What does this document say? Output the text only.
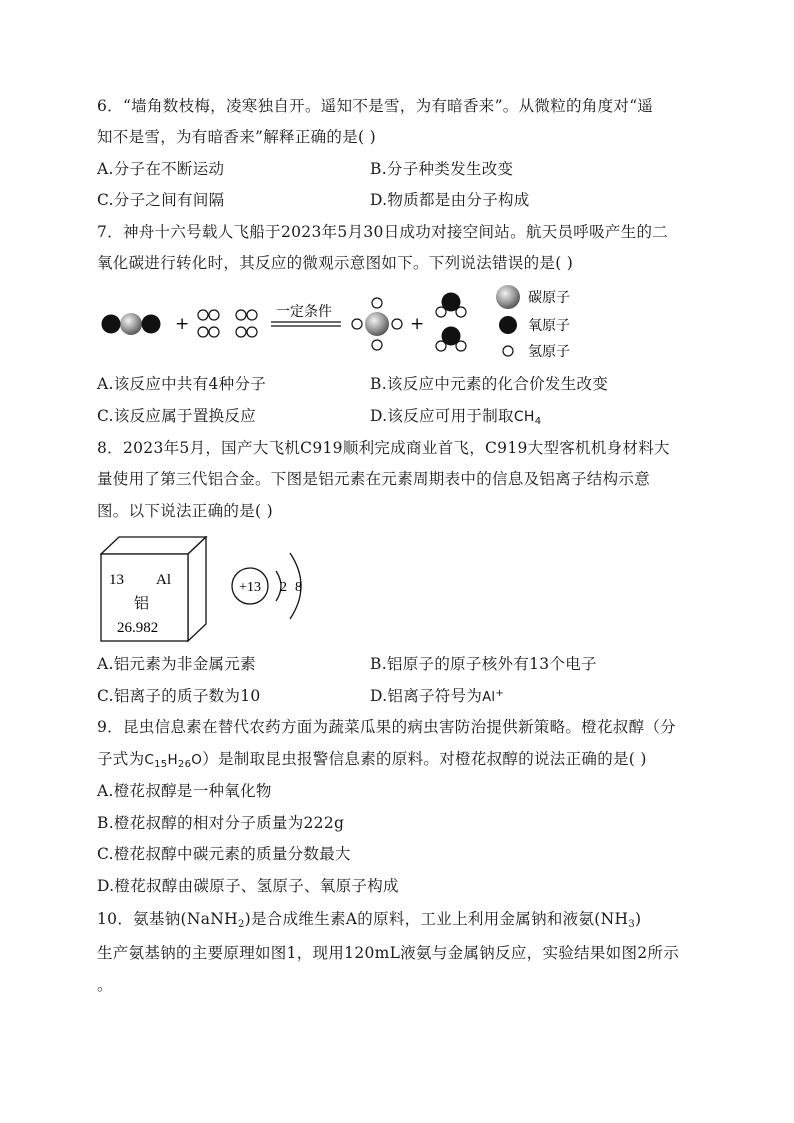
6．“墙角数枝梅，凌寒独自开。遥知不是雪，为有暗香来”。从微粒的角度对“遥
知不是雪，为有暗香来”解释正确的是( )
A.分子在不断运动	B.分子种类发生改变
C.分子之间有间隔	D.物质都是由分子构成
7．神舟十六号载人飞船于2023年5月30日成功对接空间站。航天员呼吸产生的二
氧化碳进行转化时，其反应的微观示意图如下。下列说法错误的是( )
+
一定条件
+
碳原子
氧原子
氢原子
A.该反应中共有4种分子	B.该反应中元素的化合价发生改变
C.该反应属于置换反应	D.该反应可用于制取$CH_4$
8．2023年5月，国产大飞机C919顺利完成商业首飞，C919大型客机机身材料大
量使用了第三代铝合金。下图是铝元素在元素周期表中的信息及铝离子结构示意
图。以下说法正确的是( )
13 Al
铝
26.982
+13 2 8
A.铝元素为非金属元素	B.铝原子的原子核外有13个电子
C.铝离子的质子数为10	D.铝离子符号为Al+
9．昆虫信息素在替代农药方面为蔬菜瓜果的病虫害防治提供新策略。橙花叔醇（分
子式为$C_{15}H_{26}O$）是制取昆虫报警信息素的原料。对橙花叔醇的说法正确的是( )
A.橙花叔醇是一种氧化物
B.橙花叔醇的相对分子质量为222g
C.橙花叔醇中碳元素的质量分数最大
D.橙花叔醇由碳原子、氢原子、氧原子构成
10．氨基钠(NaNH$_2$)是合成维生素A的原料，工业上利用金属钠和液氨$(NH_3)$
生产氨基钠的主要原理如图1，现用120mL液氨与金属钠反应，实验结果如图2所示
。
